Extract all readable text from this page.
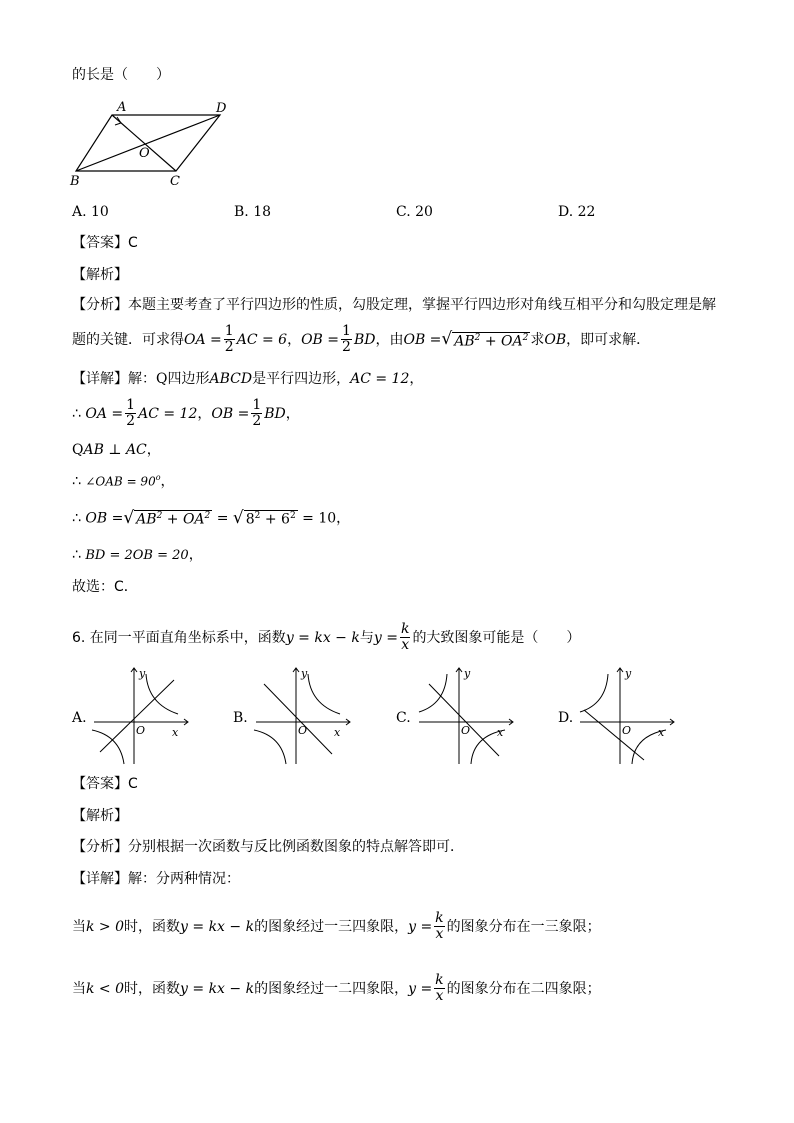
的长是（　　）
A	D
O
B	C
A. 10	B. 18	C. 20	D. 22
【答案】C
【解析】
【分析】本题主要考查了平行四边形的性质，勾股定理，掌握平行四边形对角线互相平分和勾股定理是解
题的关键．可求得OA = $\frac{1}{2}$ AC = 6，OB = $\frac{1}{2}$ BD，由OB =√ $AB^2 + OA^2$ 求OB，即可求解．
【详解】解：Q四边形ABCD是平行四边形，AC = 12，
∴ OA = $\frac{1}{2}$ AC = 12，OB = $\frac{1}{2}$ BD，
QAB ⊥ AC，
∴ ∠OAB = $90^o$，
∴ OB =√ $AB^2 + OA^2$ = √ $8^2 + 6^2 = 10$，
∴ BD = 2OB = 20，
故选：C．
6. 在同一平面直角坐标系中，函数y = kx − k与$y = \frac{k}{x}$ 的大致图象可能是（　　）
A.
y
x
O
B.
y
x
O
C.
y
x
O
D.
y
x
O
【答案】C
【解析】
【分析】分别根据一次函数与反比例函数图象的特点解答即可．
【详解】解：分两种情况：
当k > 0时，函数y = kx − k的图象经过一三四象限，$y = \frac{k}{x}$ 的图象分布在一三象限；
当k < 0时，函数y = kx − k的图象经过一二四象限，$y = \frac{k}{x}$ 的图象分布在二四象限；
